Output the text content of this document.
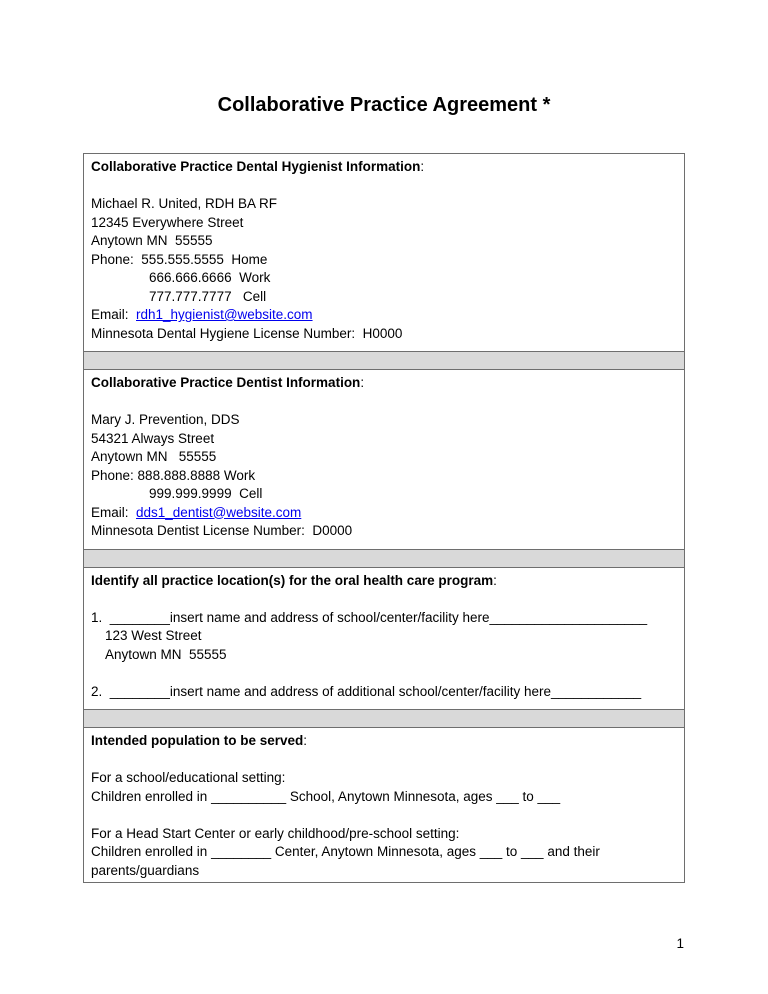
Collaborative Practice Agreement *
Collaborative Practice Dental Hygienist Information:
Michael R. United, RDH BA RF
12345 Everywhere Street
Anytown MN  55555
Phone:  555.555.5555  Home
666.666.6666  Work
777.777.7777   Cell
Email:  rdh1_hygienist@website.com
Minnesota Dental Hygiene License Number:  H0000
Collaborative Practice Dentist Information:
Mary J. Prevention, DDS
54321 Always Street
Anytown MN   55555
Phone: 888.888.8888 Work
999.999.9999  Cell
Email:  dds1_dentist@website.com
Minnesota Dentist License Number:  D0000
Identify all practice location(s) for the oral health care program:
1.  ________insert name and address of school/center/facility here_____________________
123 West Street
Anytown MN  55555
2.  ________insert name and address of additional school/center/facility here____________
Intended population to be served:
For a school/educational setting:
Children enrolled in __________ School, Anytown Minnesota, ages ___ to ___
For a Head Start Center or early childhood/pre-school setting:
Children enrolled in ________ Center, Anytown Minnesota, ages ___ to ___ and their
parents/guardians
1
